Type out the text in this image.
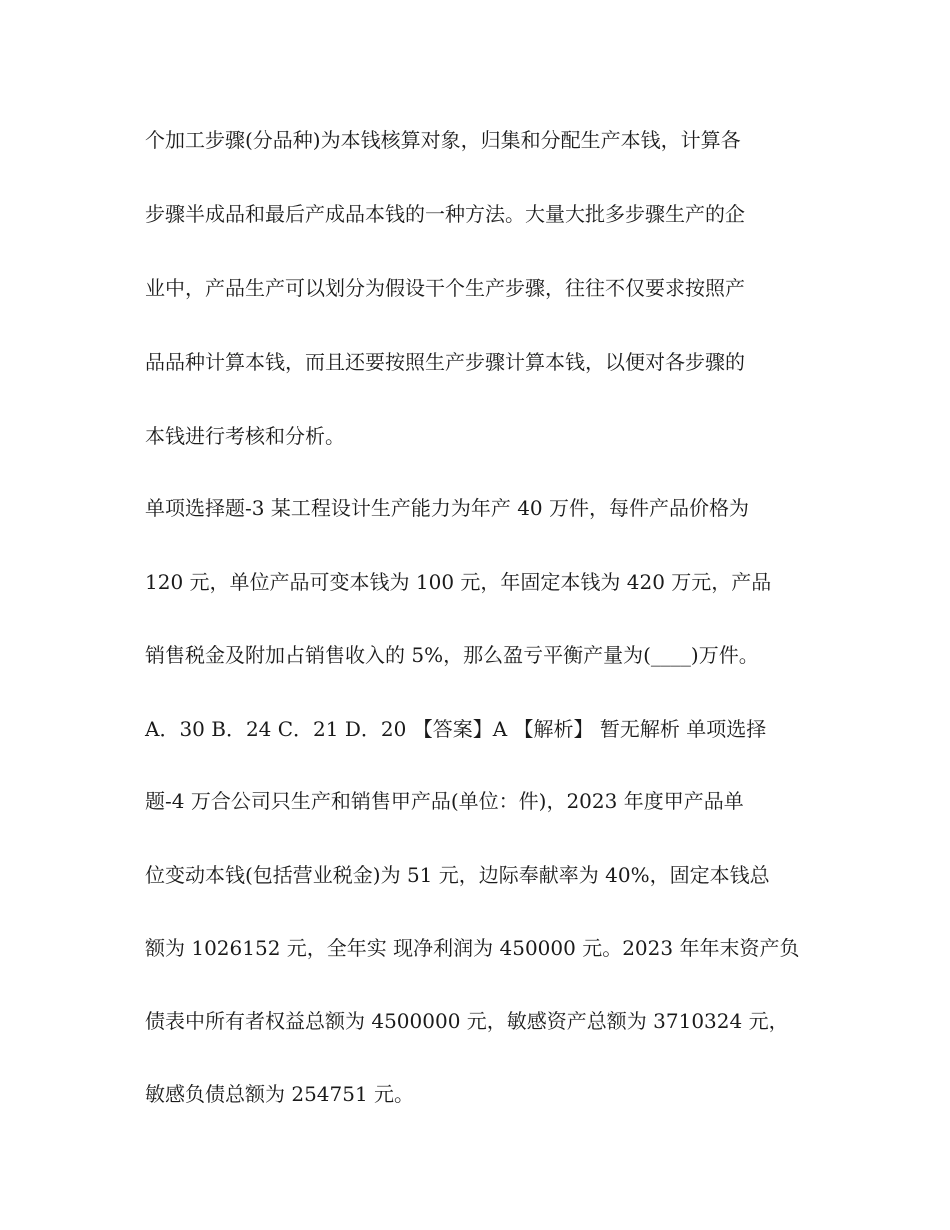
个加工步骤(分品种)为本钱核算对象，归集和分配生产本钱，计算各
步骤半成品和最后产成品本钱的一种方法。大量大批多步骤生产的企
业中，产品生产可以划分为假设干个生产步骤，往往不仅要求按照产
品品种计算本钱，而且还要按照生产步骤计算本钱，以便对各步骤的
本钱进行考核和分析。
单项选择题-3 某工程设计生产能力为年产 40 万件，每件产品价格为
120 元，单位产品可变本钱为 100 元，年固定本钱为 420 万元，产品
销售税金及附加占销售收入的 5%，那么盈亏平衡产量为(____)万件。
A．30 B．24 C．21 D．20 【答案】A 【解析】 暂无解析 单项选择
题-4 万合公司只生产和销售甲产品(单位：件)，2023 年度甲产品单
位变动本钱(包括营业税金)为 51 元，边际奉献率为 40%，固定本钱总
额为 1026152 元，全年实 现净利润为 450000 元。2023 年年末资产负
债表中所有者权益总额为 4500000 元，敏感资产总额为 3710324 元，
敏感负债总额为 254751 元。
